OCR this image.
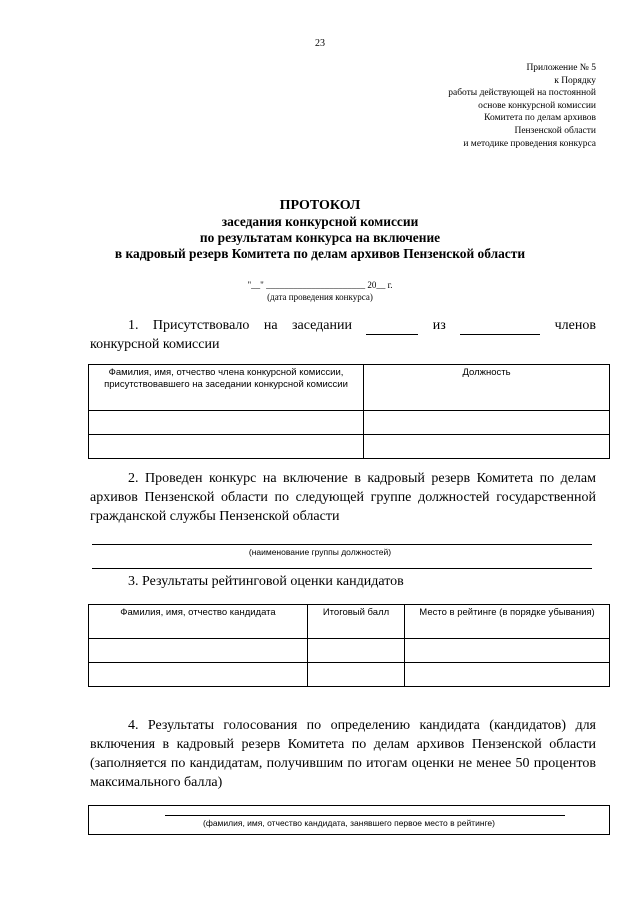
23
Приложение № 5
к Порядку
работы действующей на постоянной
основе конкурсной комиссии
Комитета по делам архивов
Пензенской области
и методике проведения конкурса
ПРОТОКОЛ
заседания конкурсной комиссии
по результатам конкурса на включение
в кадровый резерв Комитета по делам архивов Пензенской области
"__" ______________________ 20__ г.
(дата проведения конкурса)
1. Присутствовало на заседании	из	членов
конкурсной комиссии
Фамилия, имя, отчество члена конкурсной комиссии, присутствовавшего на заседании конкурсной комиссии	Должность

2. Проведен конкурс на включение в кадровый резерв Комитета по делам архивов Пензенской области по следующей группе должностей государственной гражданской службы Пензенской области
(наименование группы должностей)
3. Результаты рейтинговой оценки кандидатов
Фамилия, имя, отчество кандидата	Итоговый балл	Место в рейтинге (в порядке убывания)

4. Результаты голосования по определению кандидата (кандидатов) для включения в кадровый резерв Комитета по делам архивов Пензенской области (заполняется по кандидатам, получившим по итогам оценки не менее 50 процентов максимального балла)
(фамилия, имя, отчество кандидата, занявшего первое место в рейтинге)
